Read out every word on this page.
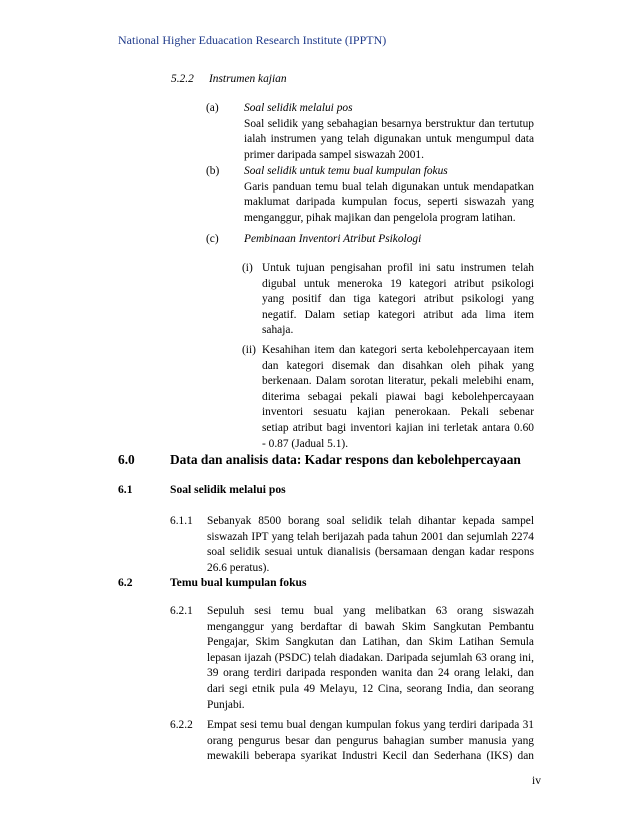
National Higher Eduacation Research Institute (IPPTN)
5.2.2 Instrumen kajian
(a) Soal selidik melalui pos
Soal selidik yang sebahagian besarnya berstruktur dan tertutup
ialah instrumen yang telah digunakan untuk mengumpul data
primer daripada sampel siswazah 2001.
(b) Soal selidik untuk temu bual kumpulan fokus
Garis panduan temu bual telah digunakan untuk mendapatkan
maklumat daripada kumpulan focus, seperti siswazah yang
menganggur, pihak majikan dan pengelola program latihan.
(c) Pembinaan Inventori Atribut Psikologi
(i) Untuk tujuan pengisahan profil ini satu instrumen telah
digubal untuk meneroka 19 kategori atribut psikologi
yang positif dan tiga kategori atribut psikologi yang
negatif. Dalam setiap kategori atribut ada lima item
sahaja.
(ii) Kesahihan item dan kategori serta kebolehpercayaan item
dan kategori disemak dan disahkan oleh pihak yang
berkenaan. Dalam sorotan literatur, pekali melebihi enam,
diterima sebagai pekali piawai bagi kebolehpercayaan
inventori sesuatu kajian penerokaan. Pekali sebenar
setiap atribut bagi inventori kajian ini terletak antara 0.60
- 0.87 (Jadual 5.1).
6.0	Data dan analisis data: Kadar respons dan kebolehpercayaan
6.1	Soal selidik melalui pos
6.1.1 Sebanyak 8500 borang soal selidik telah dihantar kepada sampel
siswazah IPT yang telah berijazah pada tahun 2001 dan sejumlah 2274
soal selidik sesuai untuk dianalisis (bersamaan dengan kadar respons
26.6 peratus).
6.2	Temu bual kumpulan fokus
6.2.1 Sepuluh sesi temu bual yang melibatkan 63 orang siswazah
menganggur yang berdaftar di bawah Skim Sangkutan Pembantu
Pengajar, Skim Sangkutan dan Latihan, dan Skim Latihan Semula
lepasan ijazah (PSDC) telah diadakan. Daripada sejumlah 63 orang ini,
39 orang terdiri daripada responden wanita dan 24 orang lelaki, dan
dari segi etnik pula 49 Melayu, 12 Cina, seorang India, dan seorang
Punjabi.
6.2.2 Empat sesi temu bual dengan kumpulan fokus yang terdiri daripada 31
orang pengurus besar dan pengurus bahagian sumber manusia yang
mewakili beberapa syarikat Industri Kecil dan Sederhana (IKS) dan
iv
